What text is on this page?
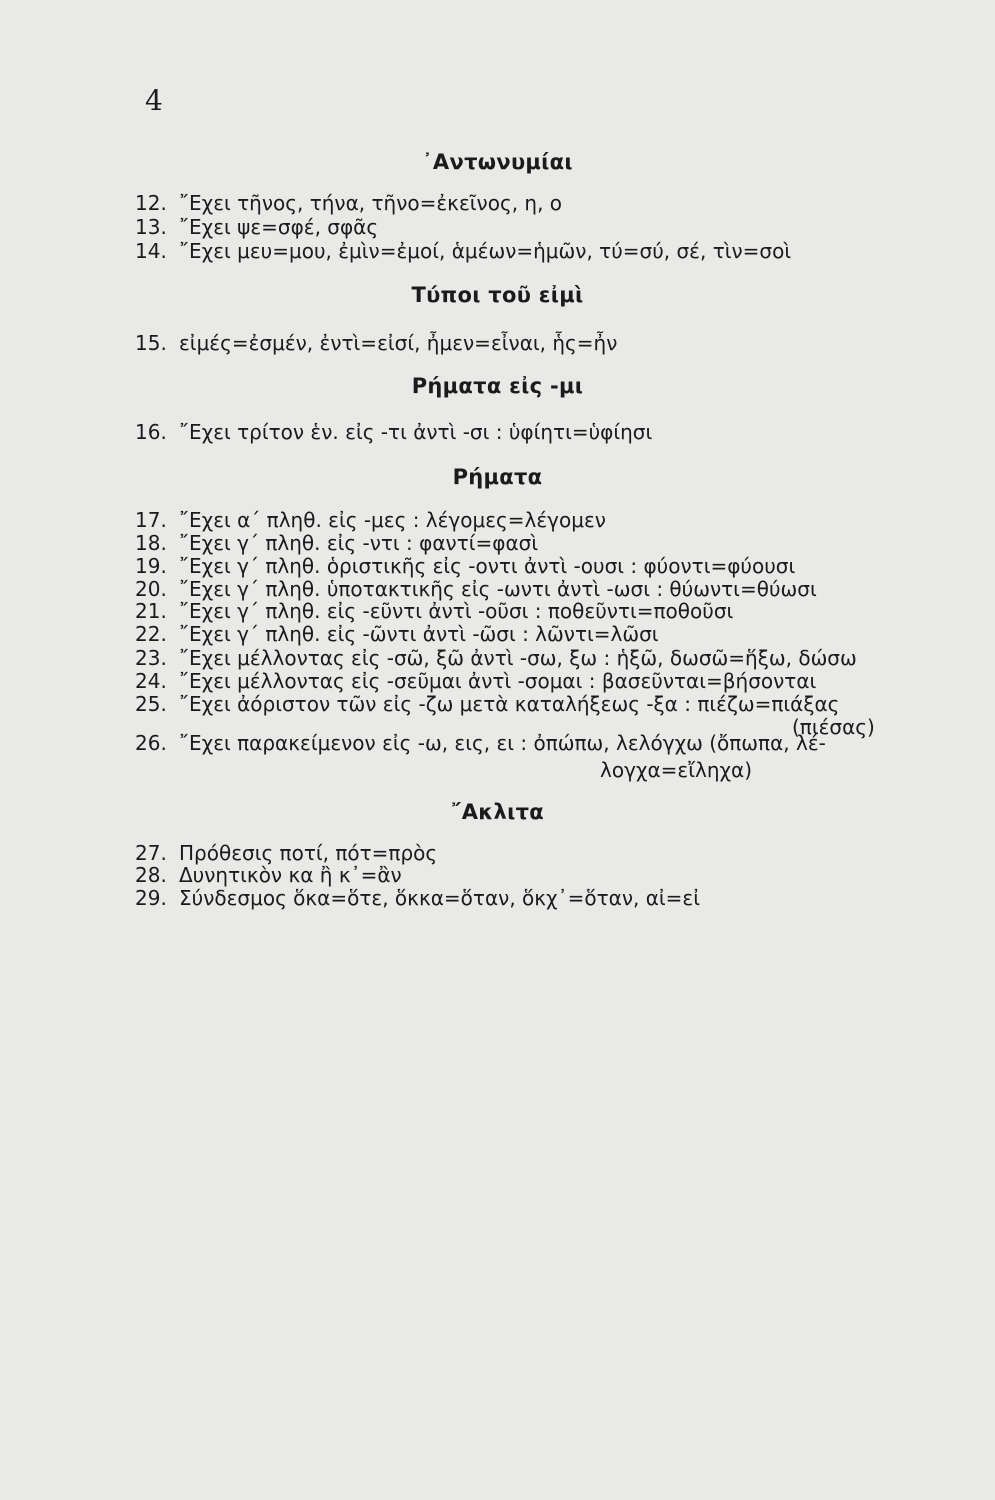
4
᾿Αντωνυμίαι
12. ῎Εχει τῆνος, τήνα, τῆνο=ἐκεῖνος, η, ο
13. ῎Εχει ψε=σφέ, σφᾶς
14. ῎Εχει μευ=μου, ἐμὶν=ἐμοί, ἁμέων=ἡμῶν, τύ=σύ, σέ, τὶν=σοὶ
Τύποι τοῦ εἰμὶ
15. εἰμές=ἐσμέν, ἐντὶ=εἰσί, ἦμεν=εἶναι, ἧς=ἦν
Ρήματα εἰς -μι
16. ῎Εχει τρίτον ἑν. εἰς -τι ἀντὶ -σι : ὑφίητι=ὑφίησι
Ρήματα
17. ῎Εχει α΄ πληθ. εἰς -μες : λέγομες=λέγομεν
18. ῎Εχει γ΄ πληθ. εἰς -ντι : φαντί=φασὶ
19. ῎Εχει γ΄ πληθ. ὁριστικῆς εἰς -οντι ἀντὶ -ουσι : φύοντι=φύουσι
20. ῎Εχει γ΄ πληθ. ὑποτακτικῆς εἰς -ωντι ἀντὶ -ωσι : θύωντι=θύωσι
21. ῎Εχει γ΄ πληθ. εἰς -εῦντι ἀντὶ -οῦσι : ποθεῦντι=ποθοῦσι
22. ῎Εχει γ΄ πληθ. εἰς -ῶντι ἀντὶ -ῶσι : λῶντι=λῶσι
23. ῎Εχει μέλλοντας εἰς -σῶ, ξῶ ἀντὶ -σω, ξω : ἡξῶ, δωσῶ=ἥξω, δώσω
24. ῎Εχει μέλλοντας εἰς -σεῦμαι ἀντὶ -σομαι : βασεῦνται=βήσονται
25. ῎Εχει ἀόριστον τῶν εἰς -ζω μετὰ καταλήξεως -ξα : πιέζω=πιάξας
(πιέσας)
26. ῎Εχει παρακείμενον εἰς -ω, εις, ει : ὀπώπω, λελόγχω (ὄπωπα, λέ-
λογχα=εἴληχα)
῎Ακλιτα
27. Πρόθεσις ποτί, πότ=πρὸς
28. Δυνητικὸν κα ἢ κ᾿=ἂν
29. Σύνδεσμος ὅκα=ὅτε, ὅκκα=ὅταν, ὅκχ᾿=ὅταν, αἰ=εἰ
